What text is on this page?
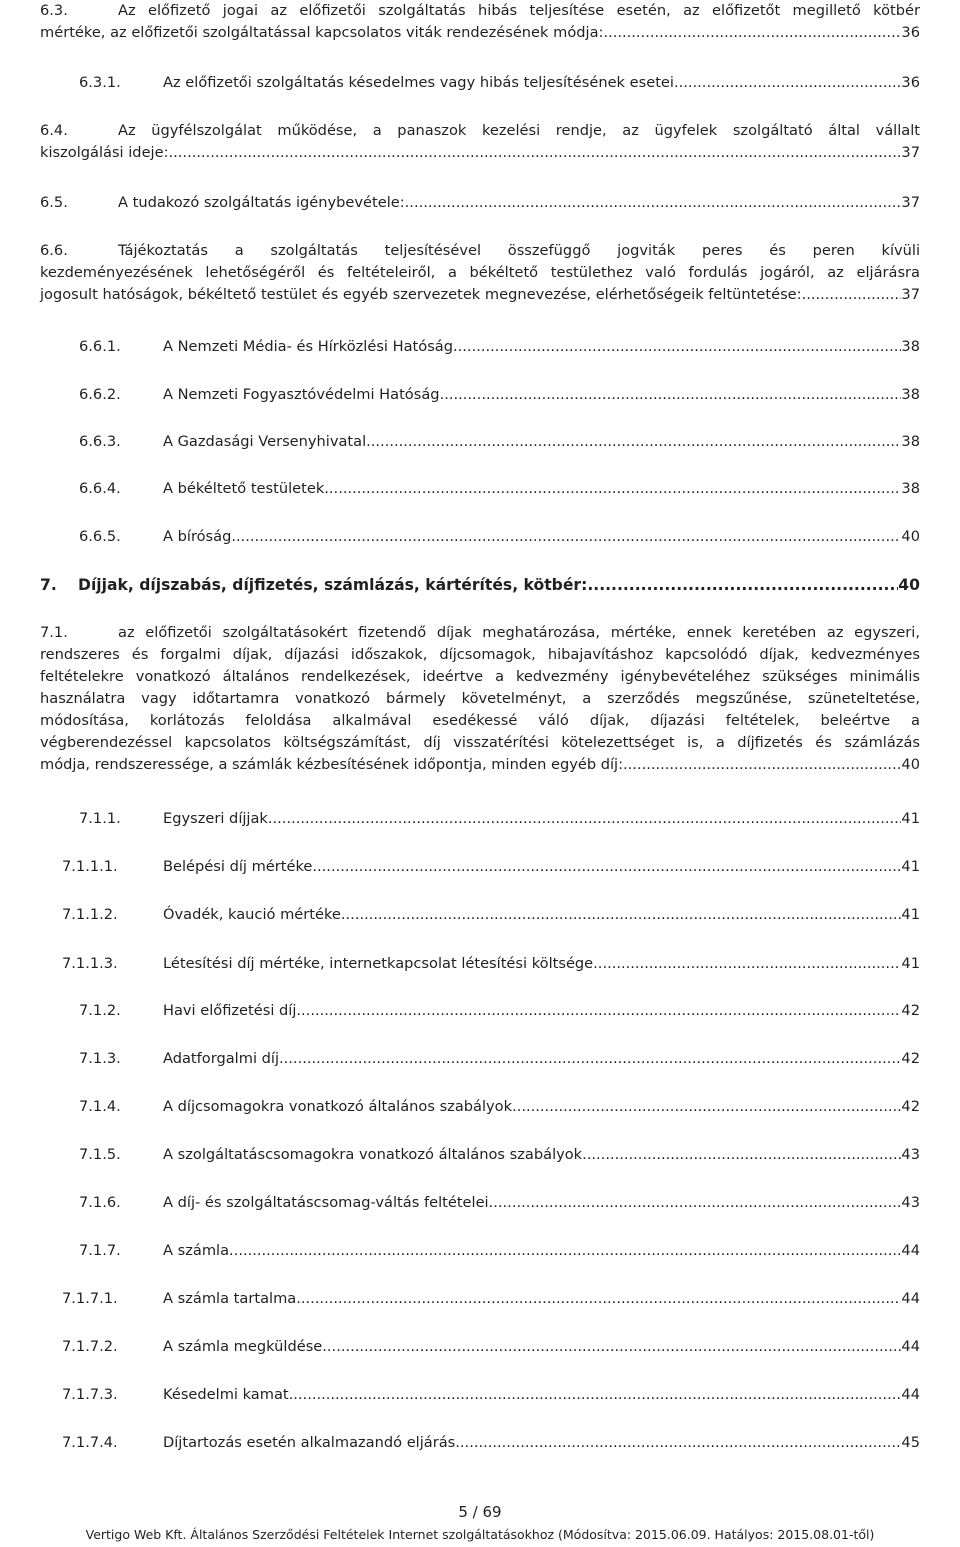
6.3.	Az előfizető jogai az előfizetői szolgáltatás hibás teljesítése esetén, az előfizetőt megillető kötbér
mértéke, az előfizetői szolgáltatással kapcsolatos viták rendezésének módja: .....	36
6.3.1.	Az előfizetői szolgáltatás késedelmes vagy hibás teljesítésének esetei .....	36
6.4.	Az ügyfélszolgálat működése, a panaszok kezelési rendje, az ügyfelek szolgáltató által vállalt
kiszolgálási ideje: .....	37
6.5.	A tudakozó szolgáltatás igénybevétele: .....	37
6.6.	Tájékoztatás a szolgáltatás teljesítésével összefüggő jogviták peres és peren kívüli
kezdeményezésének lehetőségéről és feltételeiről, a békéltető testülethez való fordulás jogáról, az eljárásra
jogosult hatóságok, békéltető testület és egyéb szervezetek megnevezése, elérhetőségeik feltüntetése: .....	37
6.6.1.	A Nemzeti Média- és Hírközlési Hatóság .....	38
6.6.2.	A Nemzeti Fogyasztóvédelmi Hatóság .....	38
6.6.3.	A Gazdasági Versenyhivatal .....	38
6.6.4.	A békéltető testületek .....	38
6.6.5.	A bíróság .....	40
7.	Díjjak, díjszabás, díjfizetés, számlázás, kártérítés, kötbér: .....	40
7.1.	az előfizetői szolgáltatásokért fizetendő díjak meghatározása, mértéke, ennek keretében az egyszeri,
rendszeres és forgalmi díjak, díjazási időszakok, díjcsomagok, hibajavításhoz kapcsolódó díjak, kedvezményes
feltételekre vonatkozó általános rendelkezések, ideértve a kedvezmény igénybevételéhez szükséges minimális
használatra vagy időtartamra vonatkozó bármely követelményt, a szerződés megszűnése, szüneteltetése,
módosítása, korlátozás feloldása alkalmával esedékessé váló díjak, díjazási feltételek, beleértve a
végberendezéssel kapcsolatos költségszámítást, díj visszatérítési kötelezettséget is, a díjfizetés és számlázás
módja, rendszeressége, a számlák kézbesítésének időpontja, minden egyéb díj: .....	40
7.1.1.	Egyszeri díjjak .....	41
7.1.1.1.	Belépési díj mértéke .....	41
7.1.1.2.	Óvadék, kaució mértéke .....	41
7.1.1.3.	Létesítési díj mértéke, internetkapcsolat létesítési költsége .....	41
7.1.2.	Havi előfizetési díj .....	42
7.1.3.	Adatforgalmi díj .....	42
7.1.4.	A díjcsomagokra vonatkozó általános szabályok .....	42
7.1.5.	A szolgáltatáscsomagokra vonatkozó általános szabályok .....	43
7.1.6.	A díj- és szolgáltatáscsomag-váltás feltételei .....	43
7.1.7.	A számla .....	44
7.1.7.1.	A számla tartalma .....	44
7.1.7.2.	A számla megküldése .....	44
7.1.7.3.	Késedelmi kamat .....	44
7.1.7.4.	Díjtartozás esetén alkalmazandó eljárás .....	45
5 / 69
Vertigo Web Kft. Általános Szerződési Feltételek Internet szolgáltatásokhoz (Módosítva: 2015.06.09. Hatályos: 2015.08.01-től)
